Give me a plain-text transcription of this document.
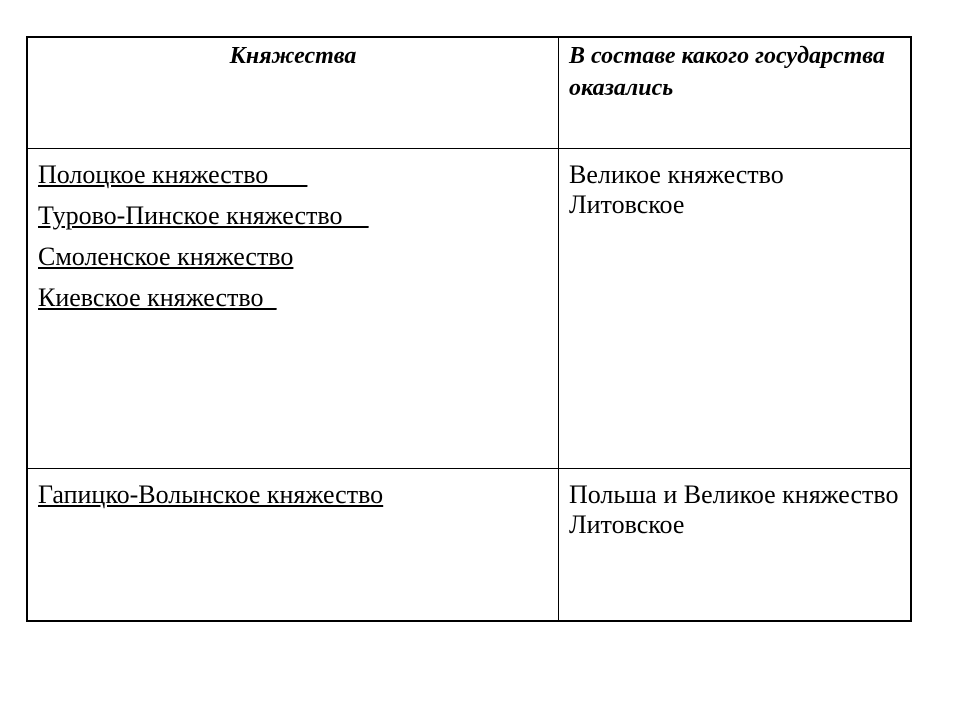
Княжества	В составе какого государства оказались
Полоцкое княжество___
Турово-Пинское княжество__
Смоленское княжество
Киевское княжество_
Великое княжество Литовское
Гапицко-Волынское княжество	Польша и Великое княжество Литовское
